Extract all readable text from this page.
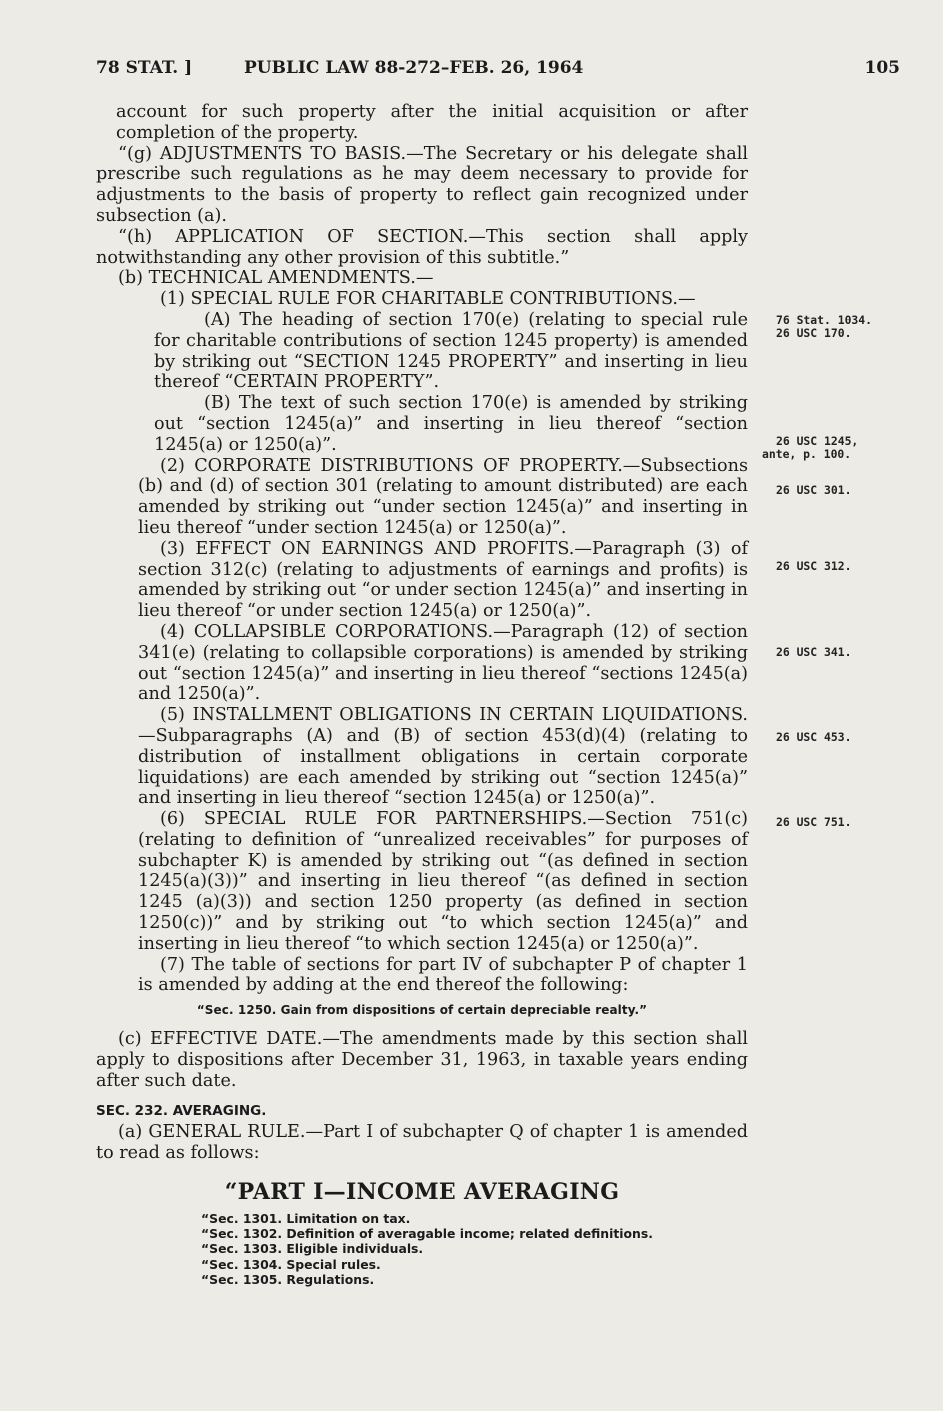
78 STAT. ]	PUBLIC LAW 88-272–FEB. 26, 1964	105

account for such property after the initial acquisition or after completion of the property.

“(g) ADJUSTMENTS TO BASIS.—The Secretary or his delegate shall prescribe such regulations as he may deem necessary to provide for adjustments to the basis of property to reflect gain recognized under subsection (a).

“(h) APPLICATION OF SECTION.—This section shall apply notwithstanding any other provision of this subtitle.”

(b) TECHNICAL AMENDMENTS.—

(1) SPECIAL RULE FOR CHARITABLE CONTRIBUTIONS.—

(A) The heading of section 170(e) (relating to special rule for charitable contributions of section 1245 property) is amended by striking out “SECTION 1245 PROPERTY” and inserting in lieu thereof “CERTAIN PROPERTY”.

(B) The text of such section 170(e) is amended by striking out “section 1245(a)” and inserting in lieu thereof “section 1245(a) or 1250(a)”.

(2) CORPORATE DISTRIBUTIONS OF PROPERTY.—Subsections (b) and (d) of section 301 (relating to amount distributed) are each amended by striking out “under section 1245(a)” and inserting in lieu thereof “under section 1245(a) or 1250(a)”.

(3) EFFECT ON EARNINGS AND PROFITS.—Paragraph (3) of section 312(c) (relating to adjustments of earnings and profits) is amended by striking out “or under section 1245(a)” and inserting in lieu thereof “or under section 1245(a) or 1250(a)”.

(4) COLLAPSIBLE CORPORATIONS.—Paragraph (12) of section 341(e) (relating to collapsible corporations) is amended by striking out “section 1245(a)” and inserting in lieu thereof “sections 1245(a) and 1250(a)”.

(5) INSTALLMENT OBLIGATIONS IN CERTAIN LIQUIDATIONS.—Subparagraphs (A) and (B) of section 453(d)(4) (relating to distribution of installment obligations in certain corporate liquidations) are each amended by striking out “section 1245(a)” and inserting in lieu thereof “section 1245(a) or 1250(a)”.

(6) SPECIAL RULE FOR PARTNERSHIPS.—Section 751(c) (relating to definition of “unrealized receivables” for purposes of subchapter K) is amended by striking out “(as defined in section 1245(a)(3))” and inserting in lieu thereof “(as defined in section 1245 (a)(3)) and section 1250 property (as defined in section 1250(c))” and by striking out “to which section 1245(a)” and inserting in lieu thereof “to which section 1245(a) or 1250(a)”.

(7) The table of sections for part IV of subchapter P of chapter 1 is amended by adding at the end thereof the following:

“Sec. 1250. Gain from dispositions of certain depreciable realty.”

(c) EFFECTIVE DATE.—The amendments made by this section shall apply to dispositions after December 31, 1963, in taxable years ending after such date.

SEC. 232. AVERAGING.

(a) GENERAL RULE.—Part I of subchapter Q of chapter 1 is amended to read as follows:

“PART I—INCOME AVERAGING
“Sec. 1301. Limitation on tax.
“Sec. 1302. Definition of averagable income; related definitions.
“Sec. 1303. Eligible individuals.
“Sec. 1304. Special rules.
“Sec. 1305. Regulations.
76 Stat. 1034.
26 USC 170.
26 USC 1245,
ante, p. 100.
26 USC 301.
26 USC 312.
26 USC 341.
26 USC 453.
26 USC 751.
